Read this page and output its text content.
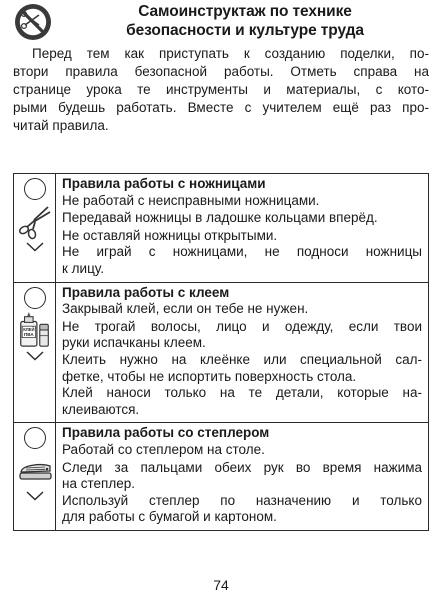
Самоинструктаж по технике
безопасности и культуре труда
Перед тем как приступать к созданию поделки, по-
втори правила безопасной работы. Отметь справа на
странице урока те инструменты и материалы, с кото-
рыми будешь работать. Вместе с учителем ещё раз про-
читай правила.
Правила работы с ножницами
Не работай с неисправными ножницами.
Передавай ножницы в ладошке кольцами вперёд.
Не оставляй ножницы открытыми.
Не играй с ножницами, не подноси ножницы
к лицу.
КЛЕЙ
ПВА
Правила работы с клеем
Закрывай клей, если он тебе не нужен.
Не трогай волосы, лицо и одежду, если твои
руки испачканы клеем.
Клеить нужно на клеёнке или специальной сал-
фетке, чтобы не испортить поверхность стола.
Клей наноси только на те детали, которые на-
клеиваются.
Правила работы со степлером
Работай со степлером на столе.
Следи за пальцами обеих рук во время нажима
на степлер.
Используй степлер по назначению и только
для работы с бумагой и картоном.
74
